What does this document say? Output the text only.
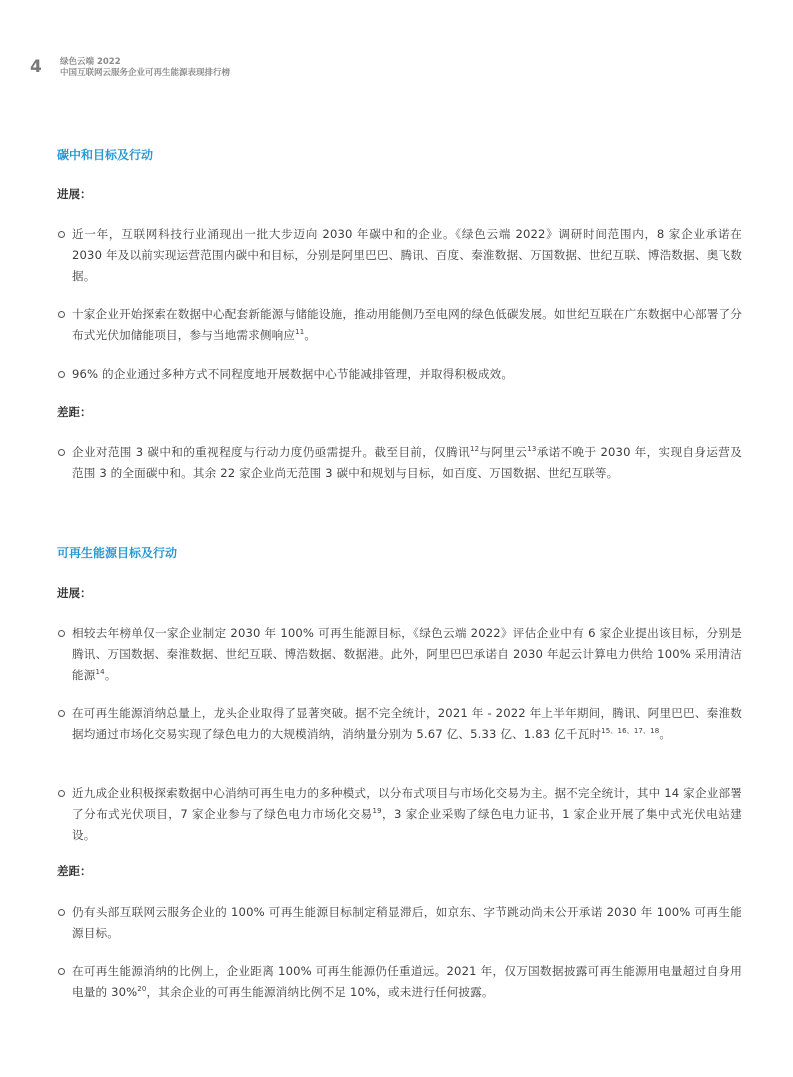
4 绿色云端 2022
中国互联网云服务企业可再生能源表现排行榜
碳中和目标及行动
进展：
近一年，互联网科技行业涌现出一批大步迈向 2030 年碳中和的企业。《绿色云端 2022》调研时间范围内，8 家企业承诺在 2030 年及以前实现运营范围内碳中和目标，分别是阿里巴巴、腾讯、百度、秦淮数据、万国数据、世纪互联、博浩数据、奥飞数据。
十家企业开始探索在数据中心配套新能源与储能设施，推动用能侧乃至电网的绿色低碳发展。如世纪互联在广东数据中心部署了分布式光伏加储能项目，参与当地需求侧响应$^{11}$。
96% 的企业通过多种方式不同程度地开展数据中心节能减排管理，并取得积极成效。
差距：
企业对范围 3 碳中和的重视程度与行动力度仍亟需提升。截至目前，仅腾讯$^{12}$与阿里云$^{13}$承诺不晚于 2030 年，实现自身运营及范围 3 的全面碳中和。其余 22 家企业尚无范围 3 碳中和规划与目标，如百度、万国数据、世纪互联等。
可再生能源目标及行动
进展：
相较去年榜单仅一家企业制定 2030 年 100% 可再生能源目标，《绿色云端 2022》评估企业中有 6 家企业提出该目标，分别是腾讯、万国数据、秦淮数据、世纪互联、博浩数据、数据港。此外，阿里巴巴承诺自 2030 年起云计算电力供给 100% 采用清洁能源$^{14}$。
在可再生能源消纳总量上，龙头企业取得了显著突破。据不完全统计，2021 年 - 2022 年上半年期间，腾讯、阿里巴巴、秦淮数据均通过市场化交易实现了绿色电力的大规模消纳，消纳量分别为 5.67 亿、5.33 亿、1.83 亿千瓦时$^{15、16、17、18}$。
近九成企业积极探索数据中心消纳可再生电力的多种模式，以分布式项目与市场化交易为主。据不完全统计，其中 14 家企业部署了分布式光伏项目，7 家企业参与了绿色电力市场化交易$^{19}$，3 家企业采购了绿色电力证书，1 家企业开展了集中式光伏电站建设。
差距：
仍有头部互联网云服务企业的 100% 可再生能源目标制定稍显滞后，如京东、字节跳动尚未公开承诺 2030 年 100% 可再生能源目标。
在可再生能源消纳的比例上，企业距离 100% 可再生能源仍任重道远。2021 年，仅万国数据披露可再生能源用电量超过自身用电量的 30%$^{20}$，其余企业的可再生能源消纳比例不足 10%，或未进行任何披露。
